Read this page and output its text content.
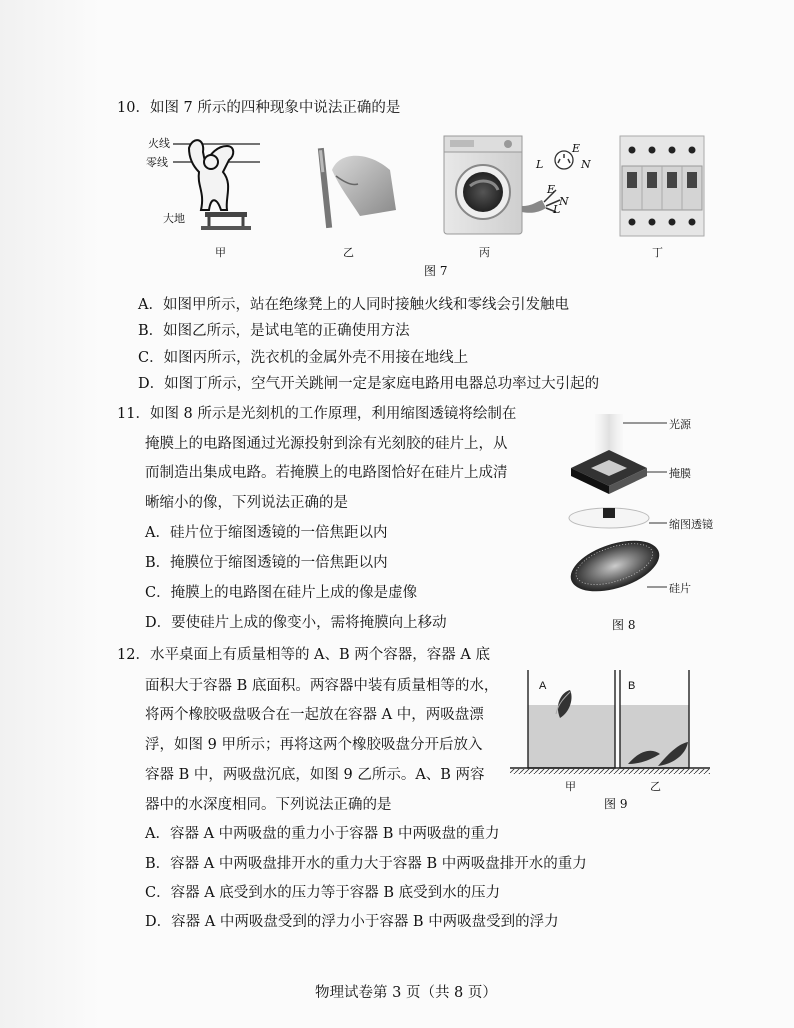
10．如图 7 所示的四种现象中说法正确的是
火线
零线
大地
E
L	N
E
L
N
甲	乙	丙	丁
图 7
A．如图甲所示，站在绝缘凳上的人同时接触火线和零线会引发触电
B．如图乙所示，是试电笔的正确使用方法
C．如图丙所示，洗衣机的金属外壳不用接在地线上
D．如图丁所示，空气开关跳闸一定是家庭电路用电器总功率过大引起的
11．如图 8 所示是光刻机的工作原理，利用缩图透镜将绘制在
掩膜上的电路图通过光源投射到涂有光刻胶的硅片上，从
而制造出集成电路。若掩膜上的电路图恰好在硅片上成清
晰缩小的像，下列说法正确的是
A．硅片位于缩图透镜的一倍焦距以内
B．掩膜位于缩图透镜的一倍焦距以内
C．掩膜上的电路图在硅片上成的像是虚像
D．要使硅片上成的像变小，需将掩膜向上移动
光源
掩膜
缩图透镜
硅片
图 8
12．水平桌面上有质量相等的 A、B 两个容器，容器 A 底
面积大于容器 B 底面积。两容器中装有质量相等的水，
将两个橡胶吸盘吸合在一起放在容器 A 中，两吸盘漂
浮，如图 9 甲所示；再将这两个橡胶吸盘分开后放入
容器 B 中，两吸盘沉底，如图 9 乙所示。A、B 两容
器中的水深度相同。下列说法正确的是
A	B
甲	乙
图 9
A．容器 A 中两吸盘的重力小于容器 B 中两吸盘的重力
B．容器 A 中两吸盘排开水的重力大于容器 B 中两吸盘排开水的重力
C．容器 A 底受到水的压力等于容器 B 底受到水的压力
D．容器 A 中两吸盘受到的浮力小于容器 B 中两吸盘受到的浮力
物理试卷第 3 页（共 8 页）
